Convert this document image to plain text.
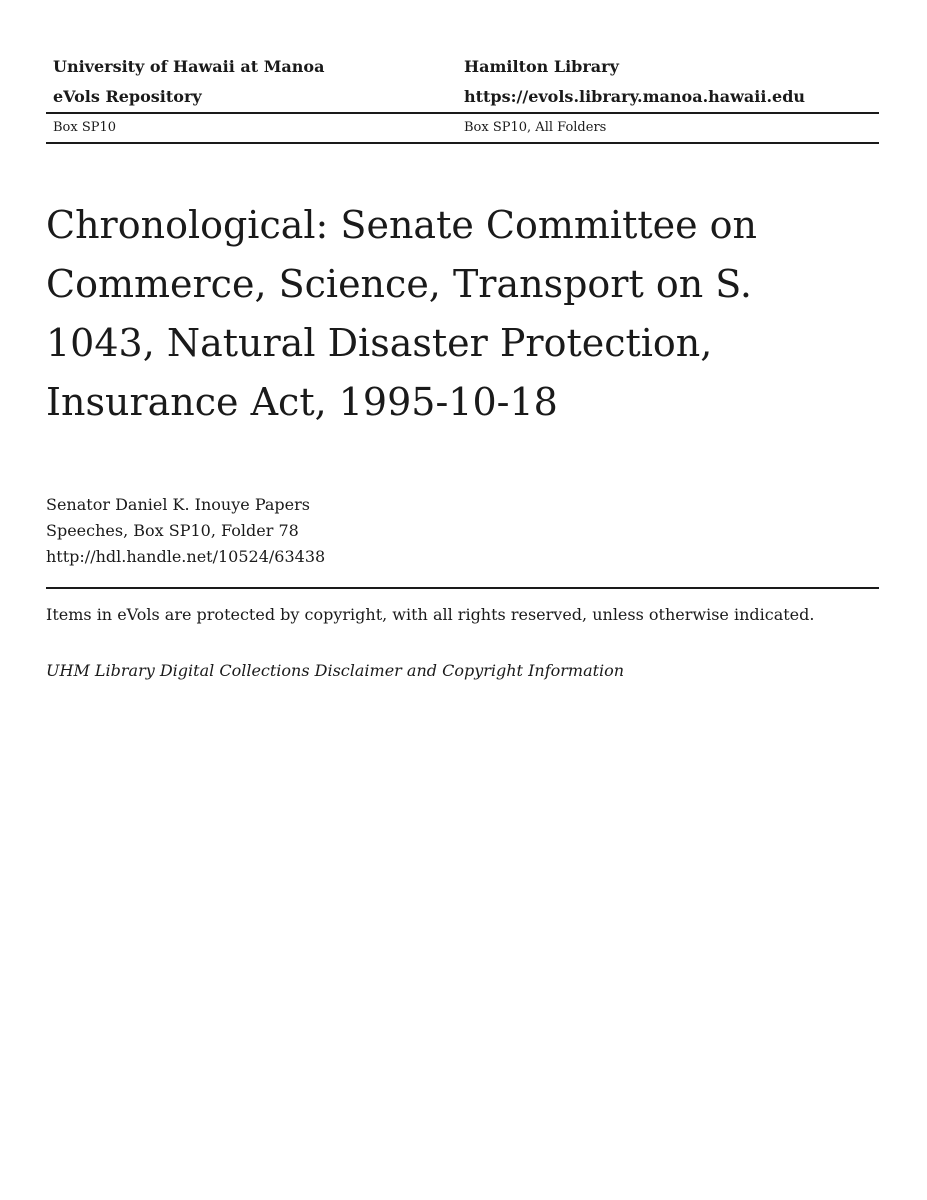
University of Hawaii at Manoa	Hamilton Library
eVols Repository	https://evols.library.manoa.hawaii.edu
Box SP10	Box SP10, All Folders
Chronological: Senate Committee on Commerce, Science, Transport on S. 1043, Natural Disaster Protection, Insurance Act, 1995-10-18
Senator Daniel K. Inouye Papers
Speeches, Box SP10, Folder 78
http://hdl.handle.net/10524/63438
Items in eVols are protected by copyright, with all rights reserved, unless otherwise indicated.
UHM Library Digital Collections Disclaimer and Copyright Information
